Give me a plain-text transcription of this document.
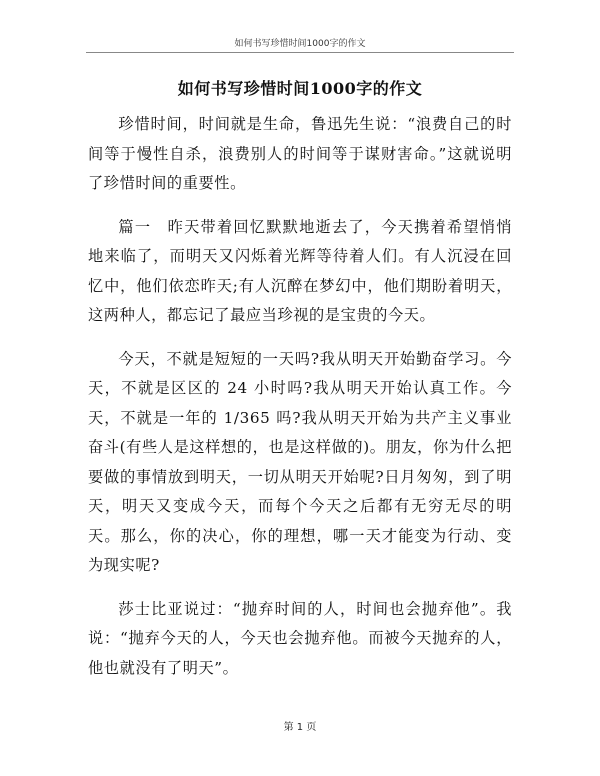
如何书写珍惜时间1000字的作文
如何书写珍惜时间1000字的作文

珍惜时间，时间就是生命，鲁迅先生说：“浪费自己的时间等于慢性自杀，浪费别人的时间等于谋财害命。”这就说明了珍惜时间的重要性。

篇一　昨天带着回忆默默地逝去了，今天携着希望悄悄地来临了，而明天又闪烁着光辉等待着人们。有人沉浸在回忆中，他们依恋昨天;有人沉醉在梦幻中，他们期盼着明天，这两种人，都忘记了最应当珍视的是宝贵的今天。

今天，不就是短短的一天吗?我从明天开始勤奋学习。今天，不就是区区的 24 小时吗?我从明天开始认真工作。今天，不就是一年的 1/365 吗?我从明天开始为共产主义事业奋斗(有些人是这样想的，也是这样做的)。朋友，你为什么把要做的事情放到明天，一切从明天开始呢?日月匆匆，到了明天，明天又变成今天，而每个今天之后都有无穷无尽的明天。那么，你的决心，你的理想，哪一天才能变为行动、变为现实呢?

莎士比亚说过：“抛弃时间的人，时间也会抛弃他”。我说：“抛弃今天的人，今天也会抛弃他。而被今天抛弃的人，他也就没有了明天”。

第 1 页
